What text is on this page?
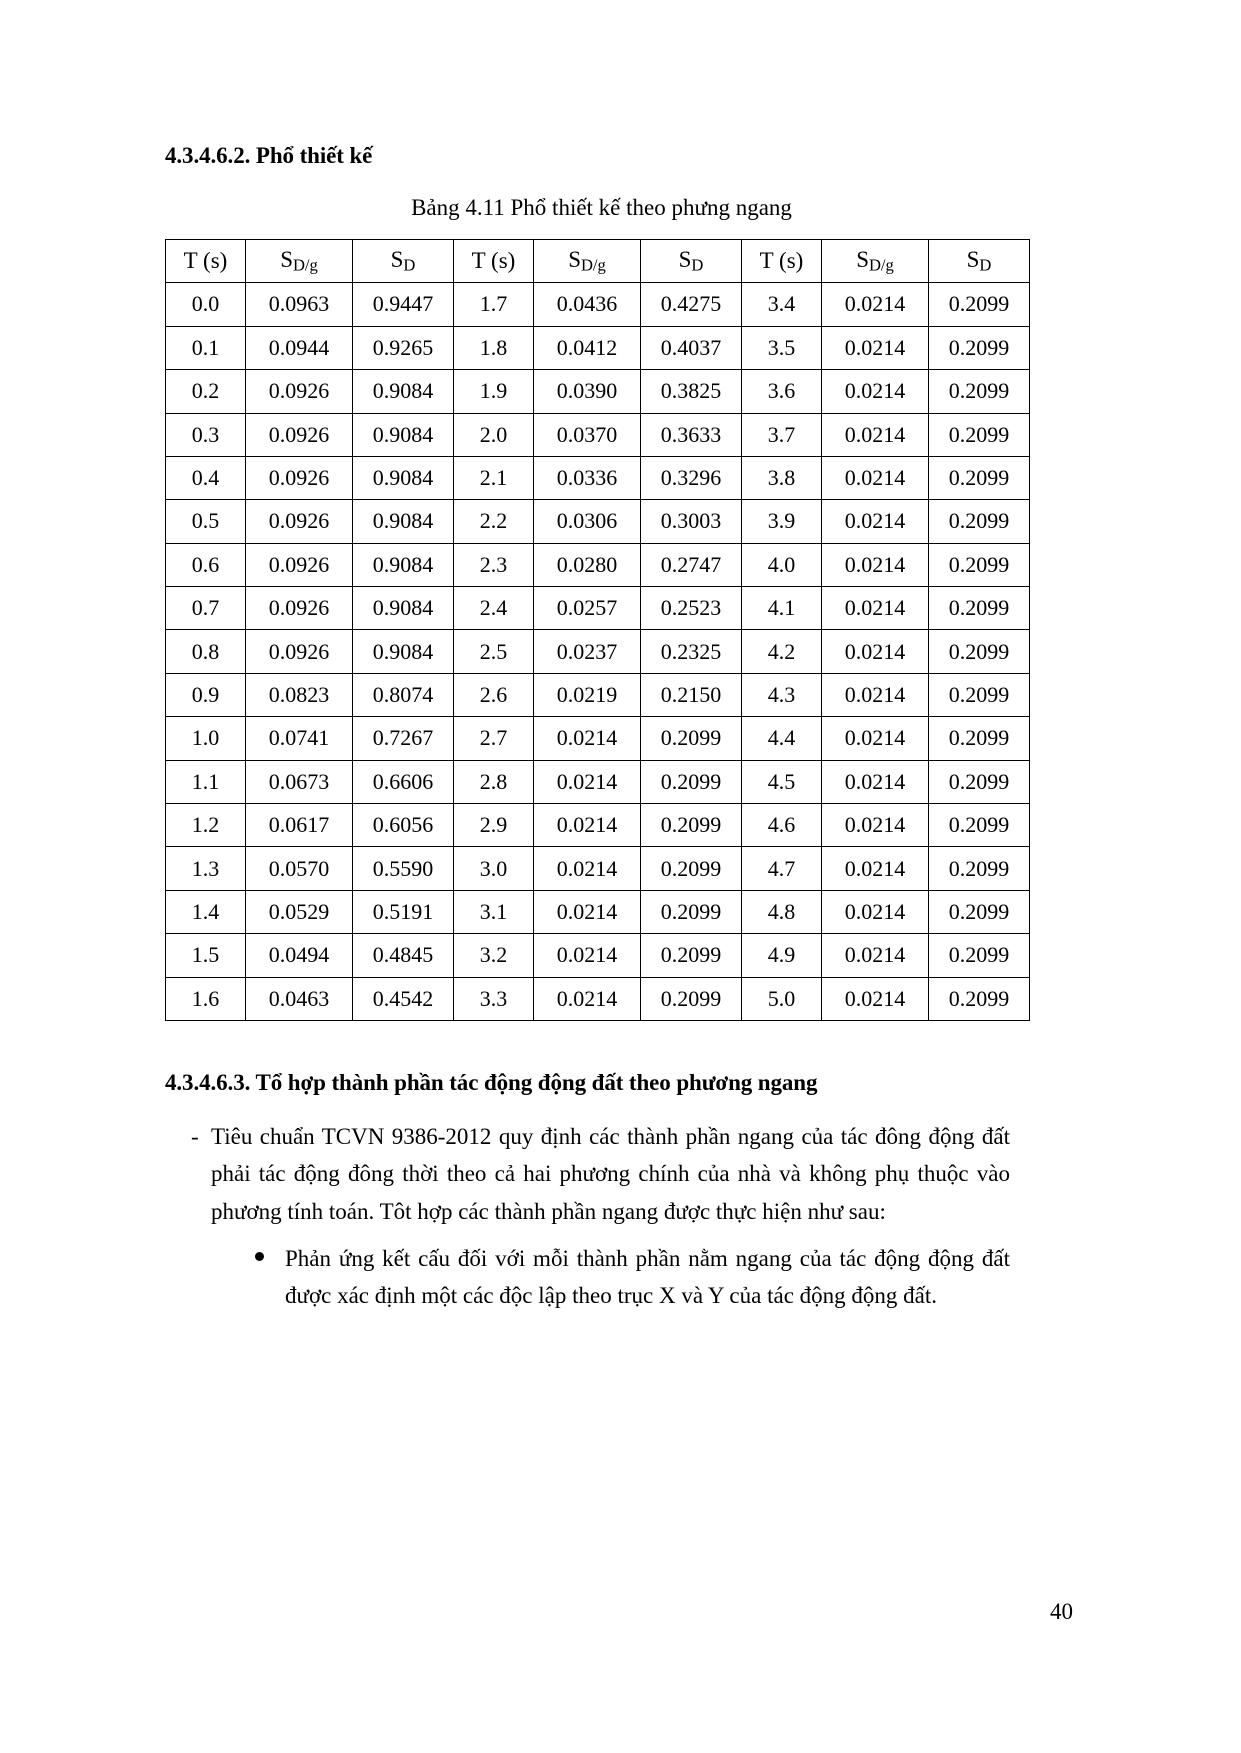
4.3.4.6.2. Phổ thiết kế
Bảng 4.11 Phổ thiết kế theo phưng ngang
T (s)	$S_{D/g}$	$S_D$	T (s)	$S_{D/g}$	$S_D$	T (s)	$S_{D/g}$	$S_D$
0.0	0.0963	0.9447	1.7	0.0436	0.4275	3.4	0.0214	0.2099
0.1	0.0944	0.9265	1.8	0.0412	0.4037	3.5	0.0214	0.2099
0.2	0.0926	0.9084	1.9	0.0390	0.3825	3.6	0.0214	0.2099
0.3	0.0926	0.9084	2.0	0.0370	0.3633	3.7	0.0214	0.2099
0.4	0.0926	0.9084	2.1	0.0336	0.3296	3.8	0.0214	0.2099
0.5	0.0926	0.9084	2.2	0.0306	0.3003	3.9	0.0214	0.2099
0.6	0.0926	0.9084	2.3	0.0280	0.2747	4.0	0.0214	0.2099
0.7	0.0926	0.9084	2.4	0.0257	0.2523	4.1	0.0214	0.2099
0.8	0.0926	0.9084	2.5	0.0237	0.2325	4.2	0.0214	0.2099
0.9	0.0823	0.8074	2.6	0.0219	0.2150	4.3	0.0214	0.2099
1.0	0.0741	0.7267	2.7	0.0214	0.2099	4.4	0.0214	0.2099
1.1	0.0673	0.6606	2.8	0.0214	0.2099	4.5	0.0214	0.2099
1.2	0.0617	0.6056	2.9	0.0214	0.2099	4.6	0.0214	0.2099
1.3	0.0570	0.5590	3.0	0.0214	0.2099	4.7	0.0214	0.2099
1.4	0.0529	0.5191	3.1	0.0214	0.2099	4.8	0.0214	0.2099
1.5	0.0494	0.4845	3.2	0.0214	0.2099	4.9	0.0214	0.2099
1.6	0.0463	0.4542	3.3	0.0214	0.2099	5.0	0.0214	0.2099
4.3.4.6.3. Tổ hợp thành phần tác động động đất theo phương ngang
- Tiêu chuẩn TCVN 9386-2012 quy định các thành phần ngang của tác đông động đất phải tác động đông thời theo cả hai phương chính của nhà và không phụ thuộc vào phương tính toán. Tôt hợp các thành phần ngang được thực hiện như sau:
Phản ứng kết cấu đối với mỗi thành phần nằm ngang của tác động động đất được xác định một các độc lập theo trục X và Y của tác động động đất.
40
